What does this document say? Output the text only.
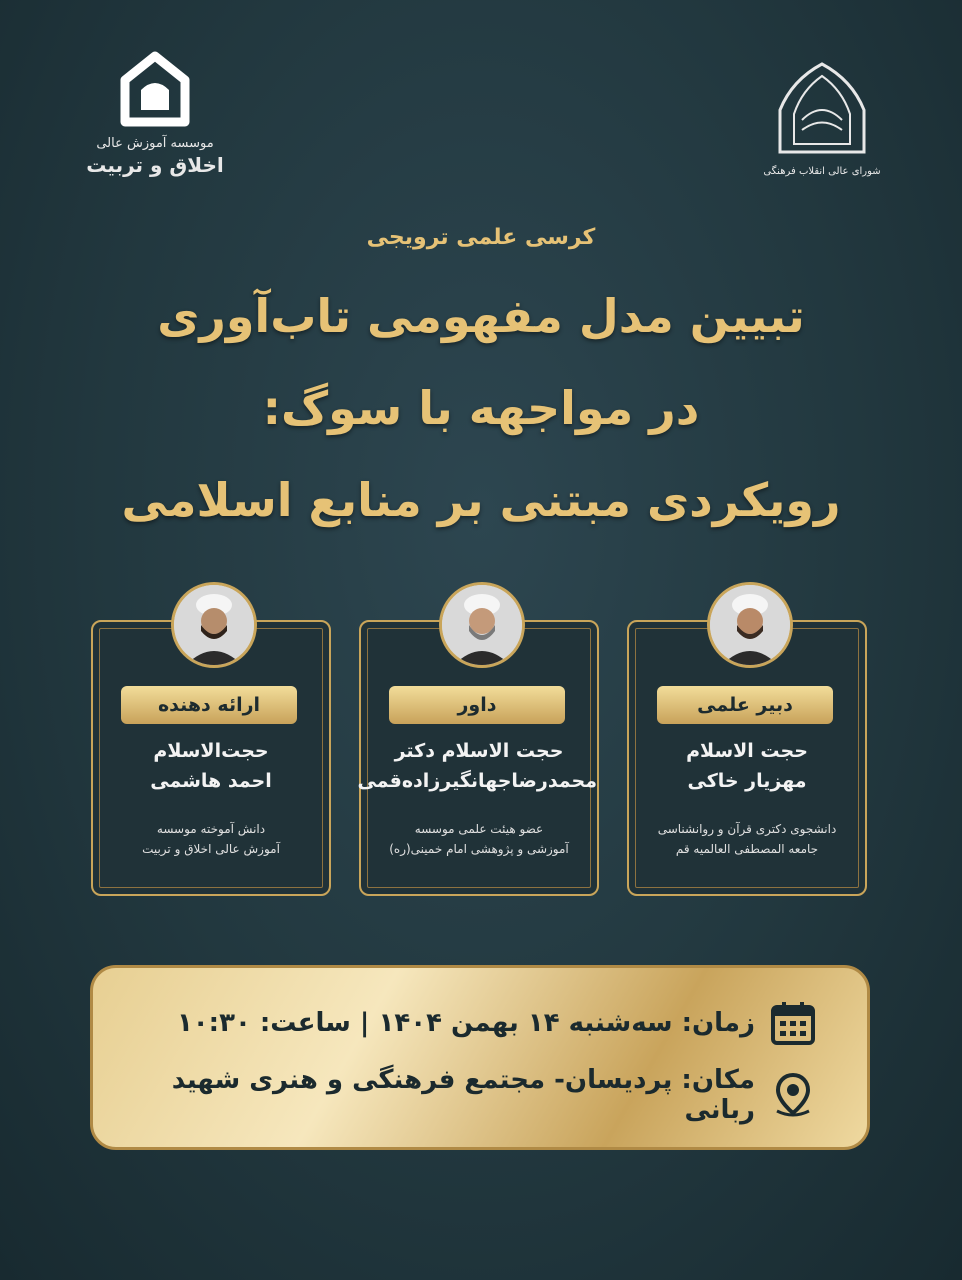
موسسه آموزش عالی
اخلاق و تربیت	شورای عالی انقلاب فرهنگی
کرسی علمی ترویجی
تبیین مدل مفهومی تاب‌آوری
در مواجهه با سوگ:
رویکردی مبتنی بر منابع اسلامی
دبیر علمی
حجت الاسلام
مهزیار خاکی
دانشجوی دکتری قرآن و روانشناسی
جامعه المصطفی العالمیه قم
داور
حجت الاسلام دکتر
محمدرضاجهانگیرزاده‌قمی
عضو هیئت علمی موسسه
آموزشی و پژوهشی امام خمینی(ره)
ارائه دهنده
حجت‌الاسلام
احمد هاشمی
دانش آموخته موسسه
آموزش عالی اخلاق و تربیت
زمان: سه‌شنبه ۱۴ بهمن ۱۴۰۴ | ساعت: ۱۰:۳۰
مکان: پردیسان- مجتمع فرهنگی و هنری شهید ربانی
